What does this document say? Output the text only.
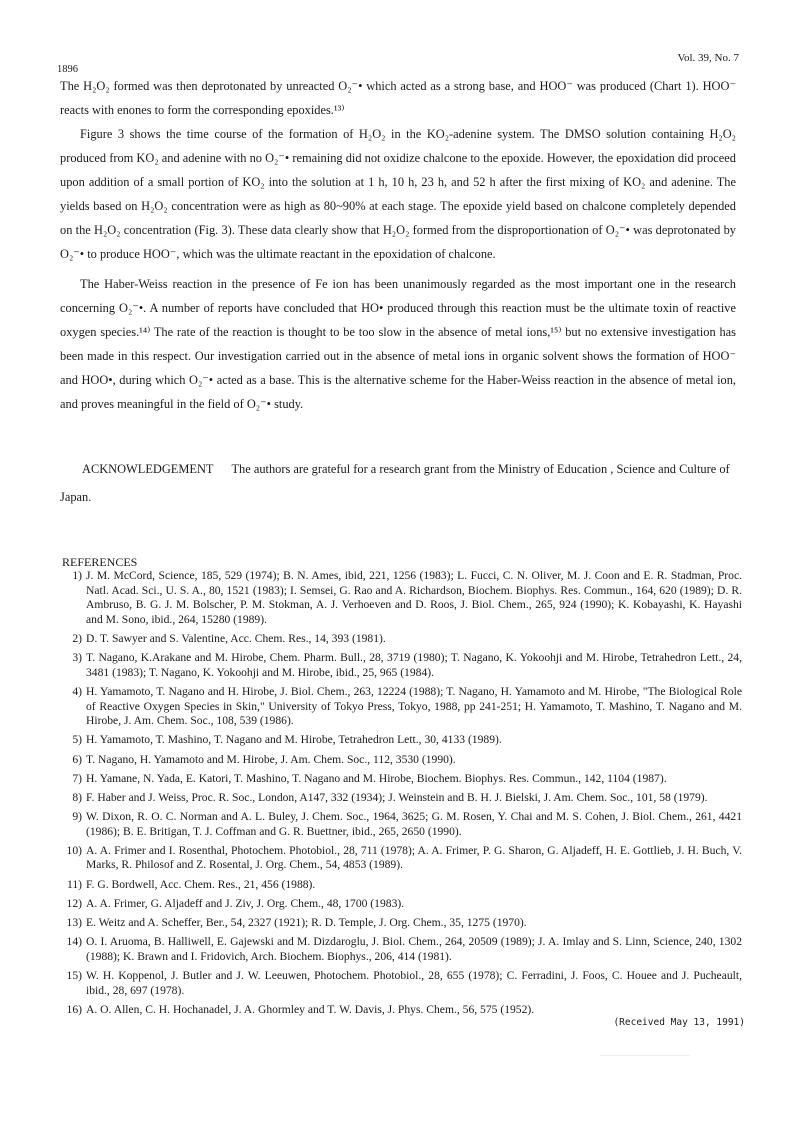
1896
Vol. 39, No. 7

The H₂O₂ formed was then deprotonated by unreacted O₂⁻• which acted as a strong base, and HOO⁻ was produced (Chart 1). HOO⁻ reacts with enones to form the corresponding epoxides.¹³⁾

Figure 3 shows the time course of the formation of H₂O₂ in the KO₂-adenine system. The DMSO solution containing H₂O₂ produced from KO₂ and adenine with no O₂⁻• remaining did not oxidize chalcone to the epoxide. However, the epoxidation did proceed upon addition of a small portion of KO₂ into the solution at 1 h, 10 h, 23 h, and 52 h after the first mixing of KO₂ and adenine. The yields based on H₂O₂ concentration were as high as 80~90% at each stage. The epoxide yield based on chalcone completely depended on the H₂O₂ concentration (Fig. 3). These data clearly show that H₂O₂ formed from the disproportionation of O₂⁻• was deprotonated by O₂⁻• to produce HOO⁻, which was the ultimate reactant in the epoxidation of chalcone.

The Haber-Weiss reaction in the presence of Fe ion has been unanimously regarded as the most important one in the research concerning O₂⁻•. A number of reports have concluded that HO• produced through this reaction must be the ultimate toxin of reactive oxygen species.¹⁴⁾ The rate of the reaction is thought to be too slow in the absence of metal ions,¹⁵⁾ but no extensive investigation has been made in this respect. Our investigation carried out in the absence of metal ions in organic solvent shows the formation of HOO⁻ and HOO•, during which O₂⁻• acted as a base. This is the alternative scheme for the Haber-Weiss reaction in the absence of metal ion, and proves meaningful in the field of O₂⁻• study.

ACKNOWLEDGEMENT The authors are grateful for a research grant from the Ministry of Education , Science and Culture of Japan.
REFERENCES
1) J. M. McCord, Science, 185, 529 (1974); B. N. Ames, ibid, 221, 1256 (1983); L. Fucci, C. N. Oliver, M. J. Coon and E. R. Stadman, Proc. Natl. Acad. Sci., U. S. A., 80, 1521 (1983); I. Semsei, G. Rao and A. Richardson, Biochem. Biophys. Res. Commun., 164, 620 (1989); D. R. Ambruso, B. G. J. M. Bolscher, P. M. Stokman, A. J. Verhoeven and D. Roos, J. Biol. Chem., 265, 924 (1990); K. Kobayashi, K. Hayashi and M. Sono, ibid., 264, 15280 (1989).
2) D. T. Sawyer and S. Valentine, Acc. Chem. Res., 14, 393 (1981).
3) T. Nagano, K.Arakane and M. Hirobe, Chem. Pharm. Bull., 28, 3719 (1980); T. Nagano, K. Yokoohji and M. Hirobe, Tetrahedron Lett., 24, 3481 (1983); T. Nagano, K. Yokoohji and M. Hirobe, ibid., 25, 965 (1984).
4) H. Yamamoto, T. Nagano and H. Hirobe, J. Biol. Chem., 263, 12224 (1988); T. Nagano, H. Yamamoto and M. Hirobe, "The Biological Role of Reactive Oxygen Species in Skin," University of Tokyo Press, Tokyo, 1988, pp 241-251; H. Yamamoto, T. Mashino, T. Nagano and M. Hirobe, J. Am. Chem. Soc., 108, 539 (1986).
5) H. Yamamoto, T. Mashino, T. Nagano and M. Hirobe, Tetrahedron Lett., 30, 4133 (1989).
6) T. Nagano, H. Yamamoto and M. Hirobe, J. Am. Chem. Soc., 112, 3530 (1990).
7) H. Yamane, N. Yada, E. Katori, T. Mashino, T. Nagano and M. Hirobe, Biochem. Biophys. Res. Commun., 142, 1104 (1987).
8) F. Haber and J. Weiss, Proc. R. Soc., London, A147, 332 (1934); J. Weinstein and B. H. J. Bielski, J. Am. Chem. Soc., 101, 58 (1979).
9) W. Dixon, R. O. C. Norman and A. L. Buley, J. Chem. Soc., 1964, 3625; G. M. Rosen, Y. Chai and M. S. Cohen, J. Biol. Chem., 261, 4421 (1986); B. E. Britigan, T. J. Coffman and G. R. Buettner, ibid., 265, 2650 (1990).
10) A. A. Frimer and I. Rosenthal, Photochem. Photobiol., 28, 711 (1978); A. A. Frimer, P. G. Sharon, G. Aljadeff, H. E. Gottlieb, J. H. Buch, V. Marks, R. Philosof and Z. Rosental, J. Org. Chem., 54, 4853 (1989).
11) F. G. Bordwell, Acc. Chem. Res., 21, 456 (1988).
12) A. A. Frimer, G. Aljadeff and J. Ziv, J. Org. Chem., 48, 1700 (1983).
13) E. Weitz and A. Scheffer, Ber., 54, 2327 (1921); R. D. Temple, J. Org. Chem., 35, 1275 (1970).
14) O. I. Aruoma, B. Halliwell, E. Gajewski and M. Dizdaroglu, J. Biol. Chem., 264, 20509 (1989); J. A. Imlay and S. Linn, Science, 240, 1302 (1988); K. Brawn and I. Fridovich, Arch. Biochem. Biophys., 206, 414 (1981).
15) W. H. Koppenol, J. Butler and J. W. Leeuwen, Photochem. Photobiol., 28, 655 (1978); C. Ferradini, J. Foos, C. Houee and J. Pucheault, ibid., 28, 697 (1978).
16) A. O. Allen, C. H. Hochanadel, J. A. Ghormley and T. W. Davis, J. Phys. Chem., 56, 575 (1952).
(Received May 13, 1991)
